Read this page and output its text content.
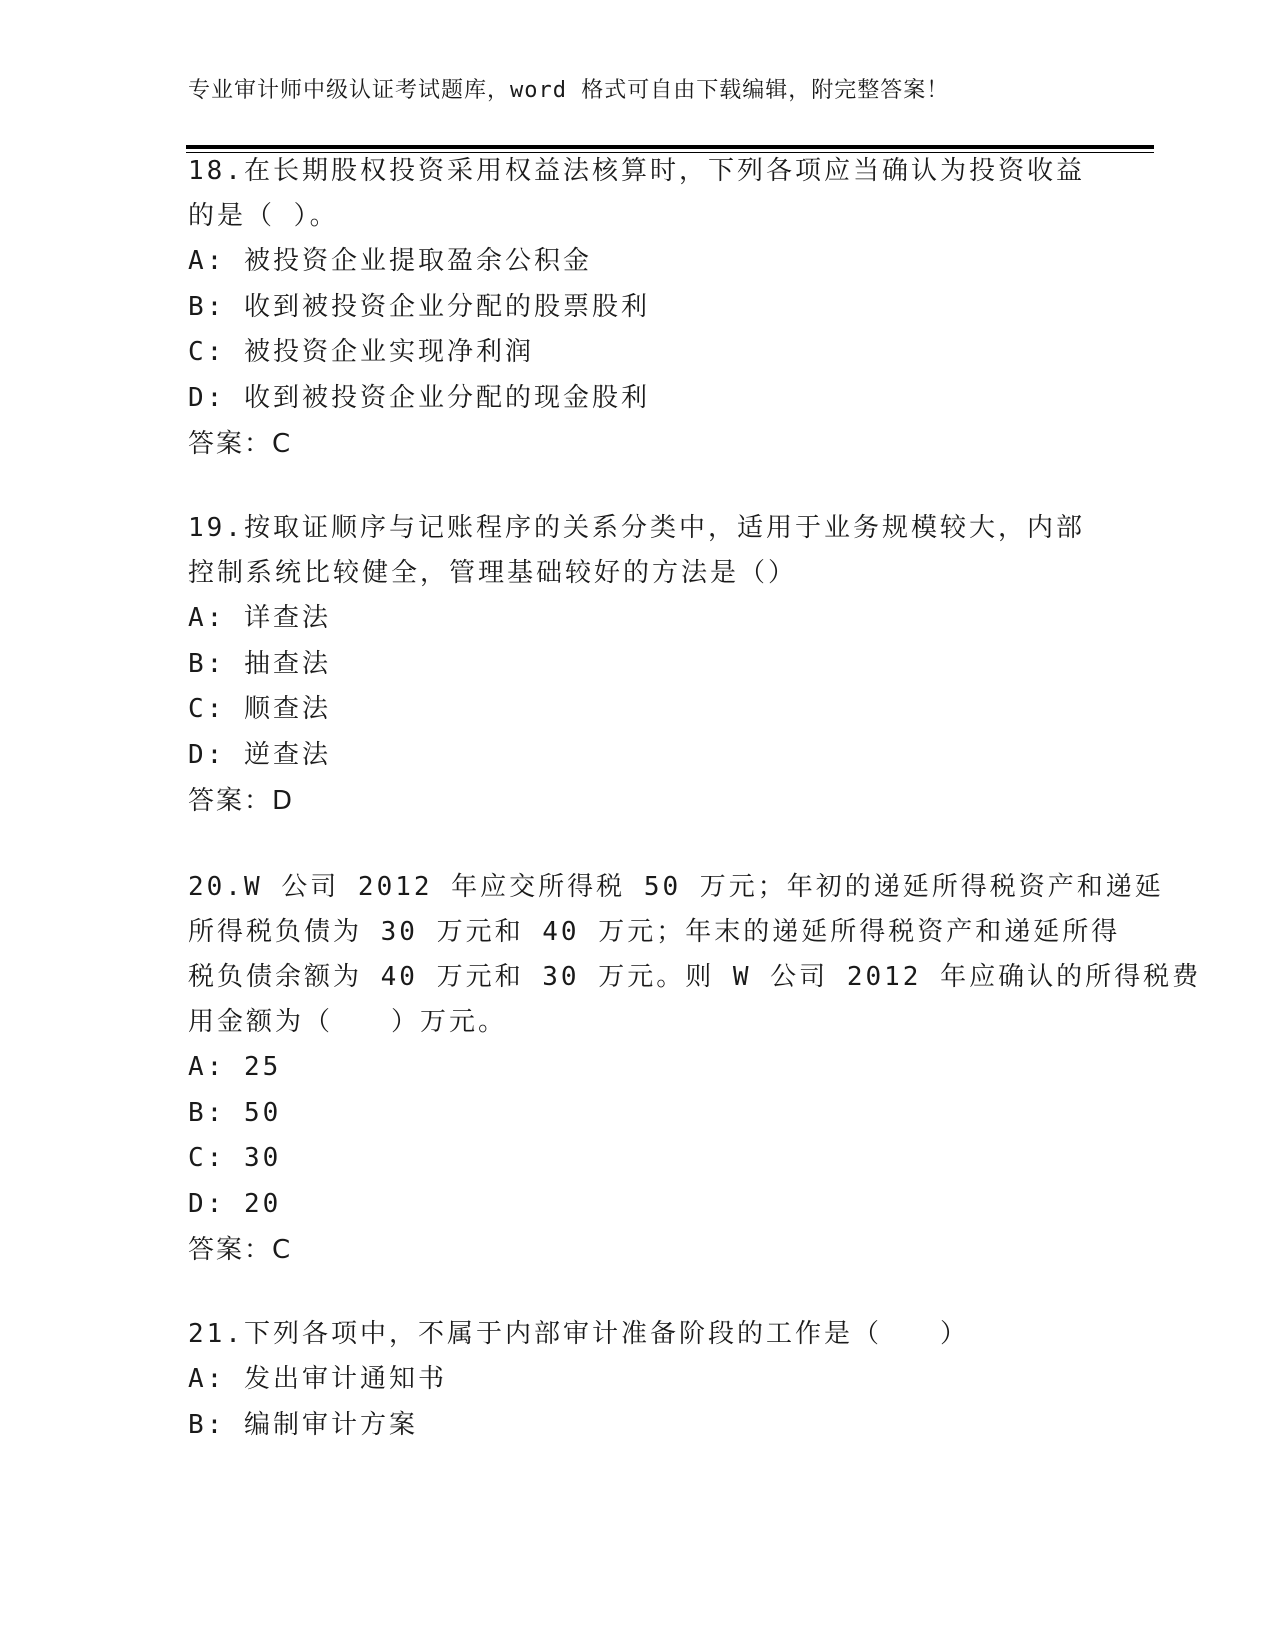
专业审计师中级认证考试题库，word 格式可自由下载编辑，附完整答案！
18.在长期股权投资采用权益法核算时，下列各项应当确认为投资收益
的是（ ）。
A: 被投资企业提取盈余公积金
B: 收到被投资企业分配的股票股利
C: 被投资企业实现净利润
D: 收到被投资企业分配的现金股利
答案：C
19.按取证顺序与记账程序的关系分类中，适用于业务规模较大，内部
控制系统比较健全，管理基础较好的方法是（）
A: 详查法
B: 抽查法
C: 顺查法
D: 逆查法
答案：D
20.W 公司 2012 年应交所得税 50 万元；年初的递延所得税资产和递延
所得税负债为 30 万元和 40 万元；年末的递延所得税资产和递延所得
税负债余额为 40 万元和 30 万元。则 W 公司 2012 年应确认的所得税费
用金额为（　　）万元。
A: 25
B: 50
C: 30
D: 20
答案：C
21.下列各项中，不属于内部审计准备阶段的工作是（　　）
A: 发出审计通知书
B: 编制审计方案
